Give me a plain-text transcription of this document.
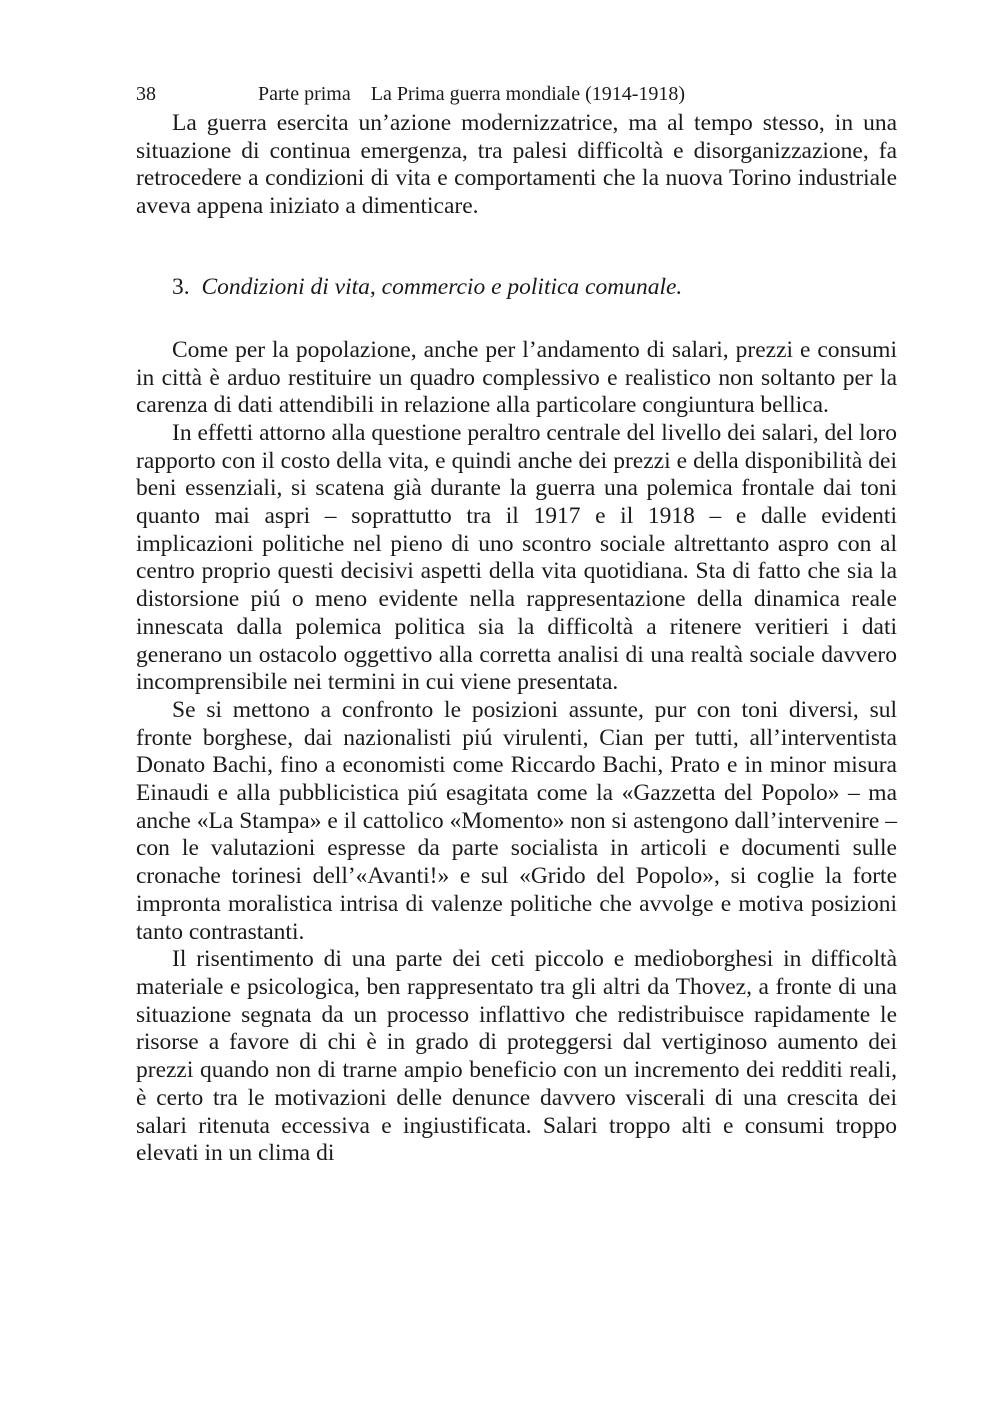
38	Parte prima    La Prima guerra mondiale (1914-1918)

La guerra esercita un’azione modernizzatrice, ma al tempo stesso, in una situazione di continua emergenza, tra palesi difficoltà e disorganizzazione, fa retrocedere a condizioni di vita e comportamenti che la nuova Torino industriale aveva appena iniziato a dimenticare.

3. Condizioni di vita, commercio e politica comunale.

Come per la popolazione, anche per l’andamento di salari, prezzi e consumi in città è arduo restituire un quadro complessivo e realistico non soltanto per la carenza di dati attendibili in relazione alla particolare congiuntura bellica.

In effetti attorno alla questione peraltro centrale del livello dei salari, del loro rapporto con il costo della vita, e quindi anche dei prezzi e della disponibilità dei beni essenziali, si scatena già durante la guerra una polemica frontale dai toni quanto mai aspri – soprattutto tra il 1917 e il 1918 – e dalle evidenti implicazioni politiche nel pieno di uno scontro sociale altrettanto aspro con al centro proprio questi decisivi aspetti della vita quotidiana. Sta di fatto che sia la distorsione piú o meno evidente nella rappresentazione della dinamica reale innescata dalla polemica politica sia la difficoltà a ritenere veritieri i dati generano un ostacolo oggettivo alla corretta analisi di una realtà sociale davvero incomprensibile nei termini in cui viene presentata.

Se si mettono a confronto le posizioni assunte, pur con toni diversi, sul fronte borghese, dai nazionalisti piú virulenti, Cian per tutti, all’interventista Donato Bachi, fino a economisti come Riccardo Bachi, Prato e in minor misura Einaudi e alla pubblicistica piú esagitata come la «Gazzetta del Popolo» – ma anche «La Stampa» e il cattolico «Momento» non si astengono dall’intervenire – con le valutazioni espresse da parte socialista in articoli e documenti sulle cronache torinesi dell’«Avanti!» e sul «Grido del Popolo», si coglie la forte impronta moralistica intrisa di valenze politiche che avvolge e motiva posizioni tanto contrastanti.

Il risentimento di una parte dei ceti piccolo e medioborghesi in difficoltà materiale e psicologica, ben rappresentato tra gli altri da Thovez, a fronte di una situazione segnata da un processo inflattivo che redistribuisce rapidamente le risorse a favore di chi è in grado di proteggersi dal vertiginoso aumento dei prezzi quando non di trarne ampio beneficio con un incremento dei redditi reali, è certo tra le motivazioni delle denunce davvero viscerali di una crescita dei salari ritenuta eccessiva e ingiustificata. Salari troppo alti e consumi troppo elevati in un clima di
